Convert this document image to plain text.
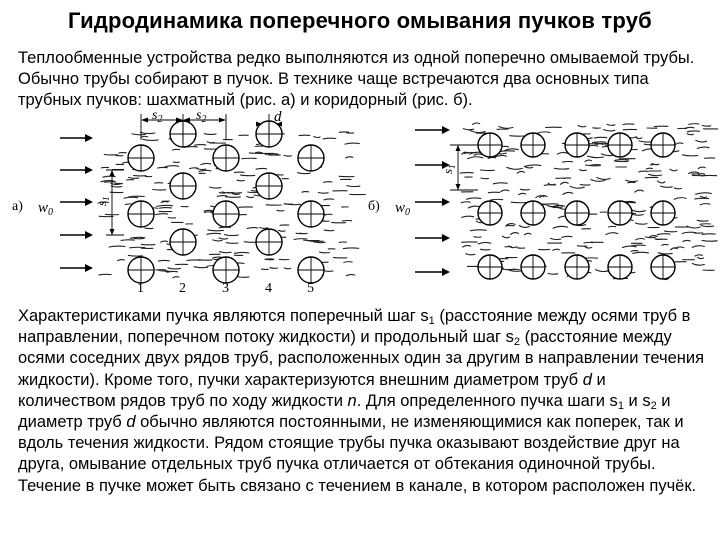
Гидродинамика поперечного омывания пучков труб

Теплообменные устройства редко выполняются из одной поперечно омываемой трубы. Обычно трубы собирают в пучок. В технике чаще встречаются два основных типа трубных пучков: шахматный (рис. а) и коридорный (рис. б).

$s_2$ $s_2$	d
$s_1$
а) $w_0$
1	2	3	4	5
$s_1$
б) $w_0$

Характеристиками пучка являются поперечный шаг $s_1$ (расстояние между осями труб в направлении, поперечном потоку жидкости) и продольный шаг $s_2$ (расстояние между осями соседних двух рядов труб, расположенных один за другим в направлении течения жидкости). Кроме того, пучки характеризуются внешним диаметром труб d и количеством рядов труб по ходу жидкости n. Для определенного пучка шаги $s_1$ и $s_2$ и диаметр труб d обычно являются постоянными, не изменяющимися как поперек, так и вдоль течения жидкости. Рядом стоящие трубы пучка оказывают воздействие друг на друга, омывание отдельных труб пучка отличается от обтекания одиночной трубы. Течение в пучке может быть связано с течением в канале, в котором расположен пучёк.
